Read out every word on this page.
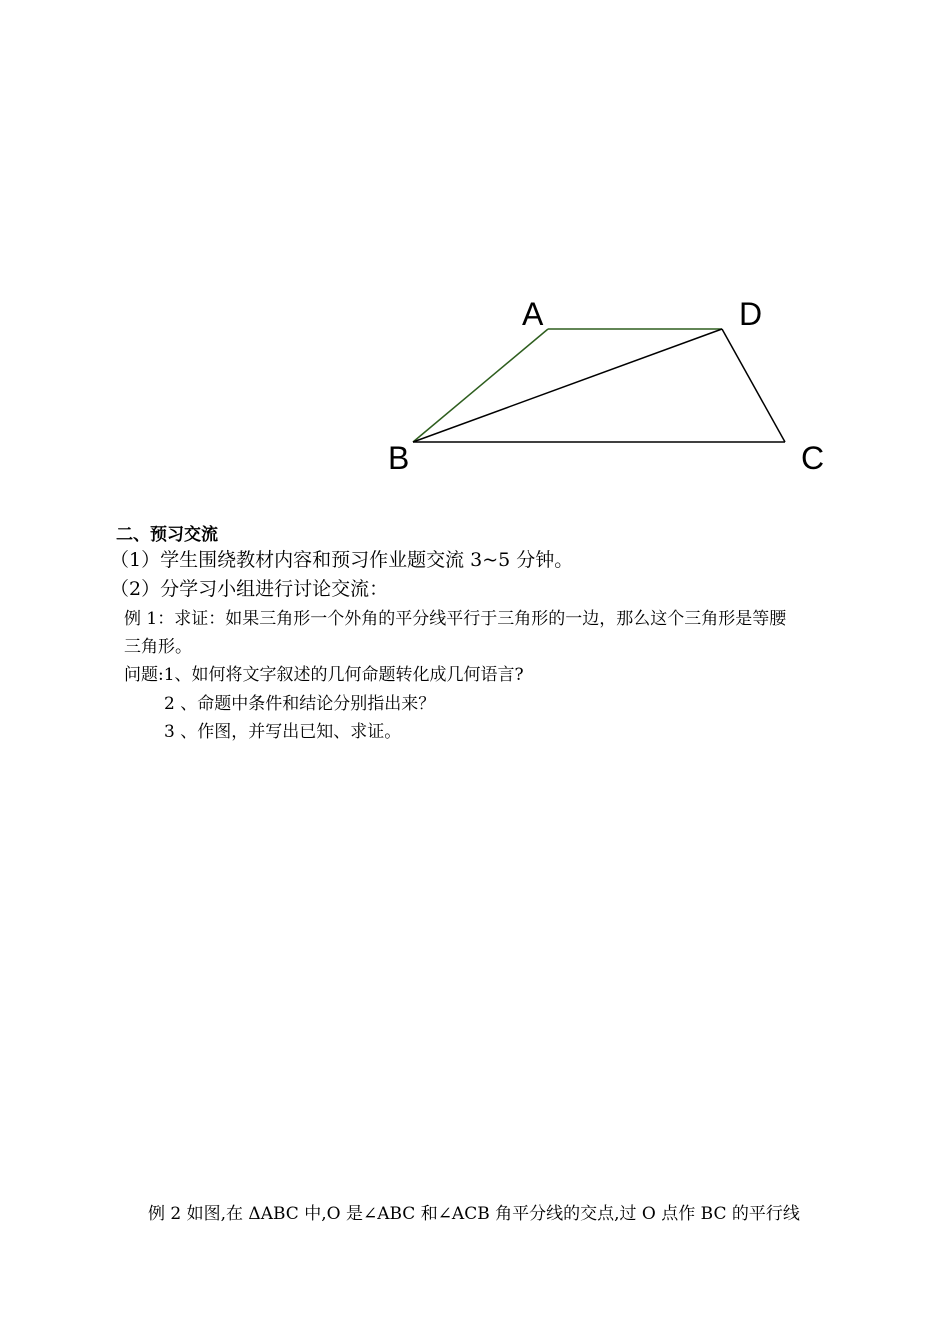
A	D
B	C
二、预习交流
（1）学生围绕教材内容和预习作业题交流 3~5 分钟。
（2）分学习小组进行讨论交流：
例 1：求证：如果三角形一个外角的平分线平行于三角形的一边，那么这个三角形是等腰
三角形。
问题:1、如何将文字叙述的几何命题转化成几何语言?
2 、命题中条件和结论分别指出来？
3 、作图，并写出已知、求证。
例 2 如图,在 ΔABC 中,O 是∠ABC 和∠ACB 角平分线的交点,过 O 点作 BC 的平行线
